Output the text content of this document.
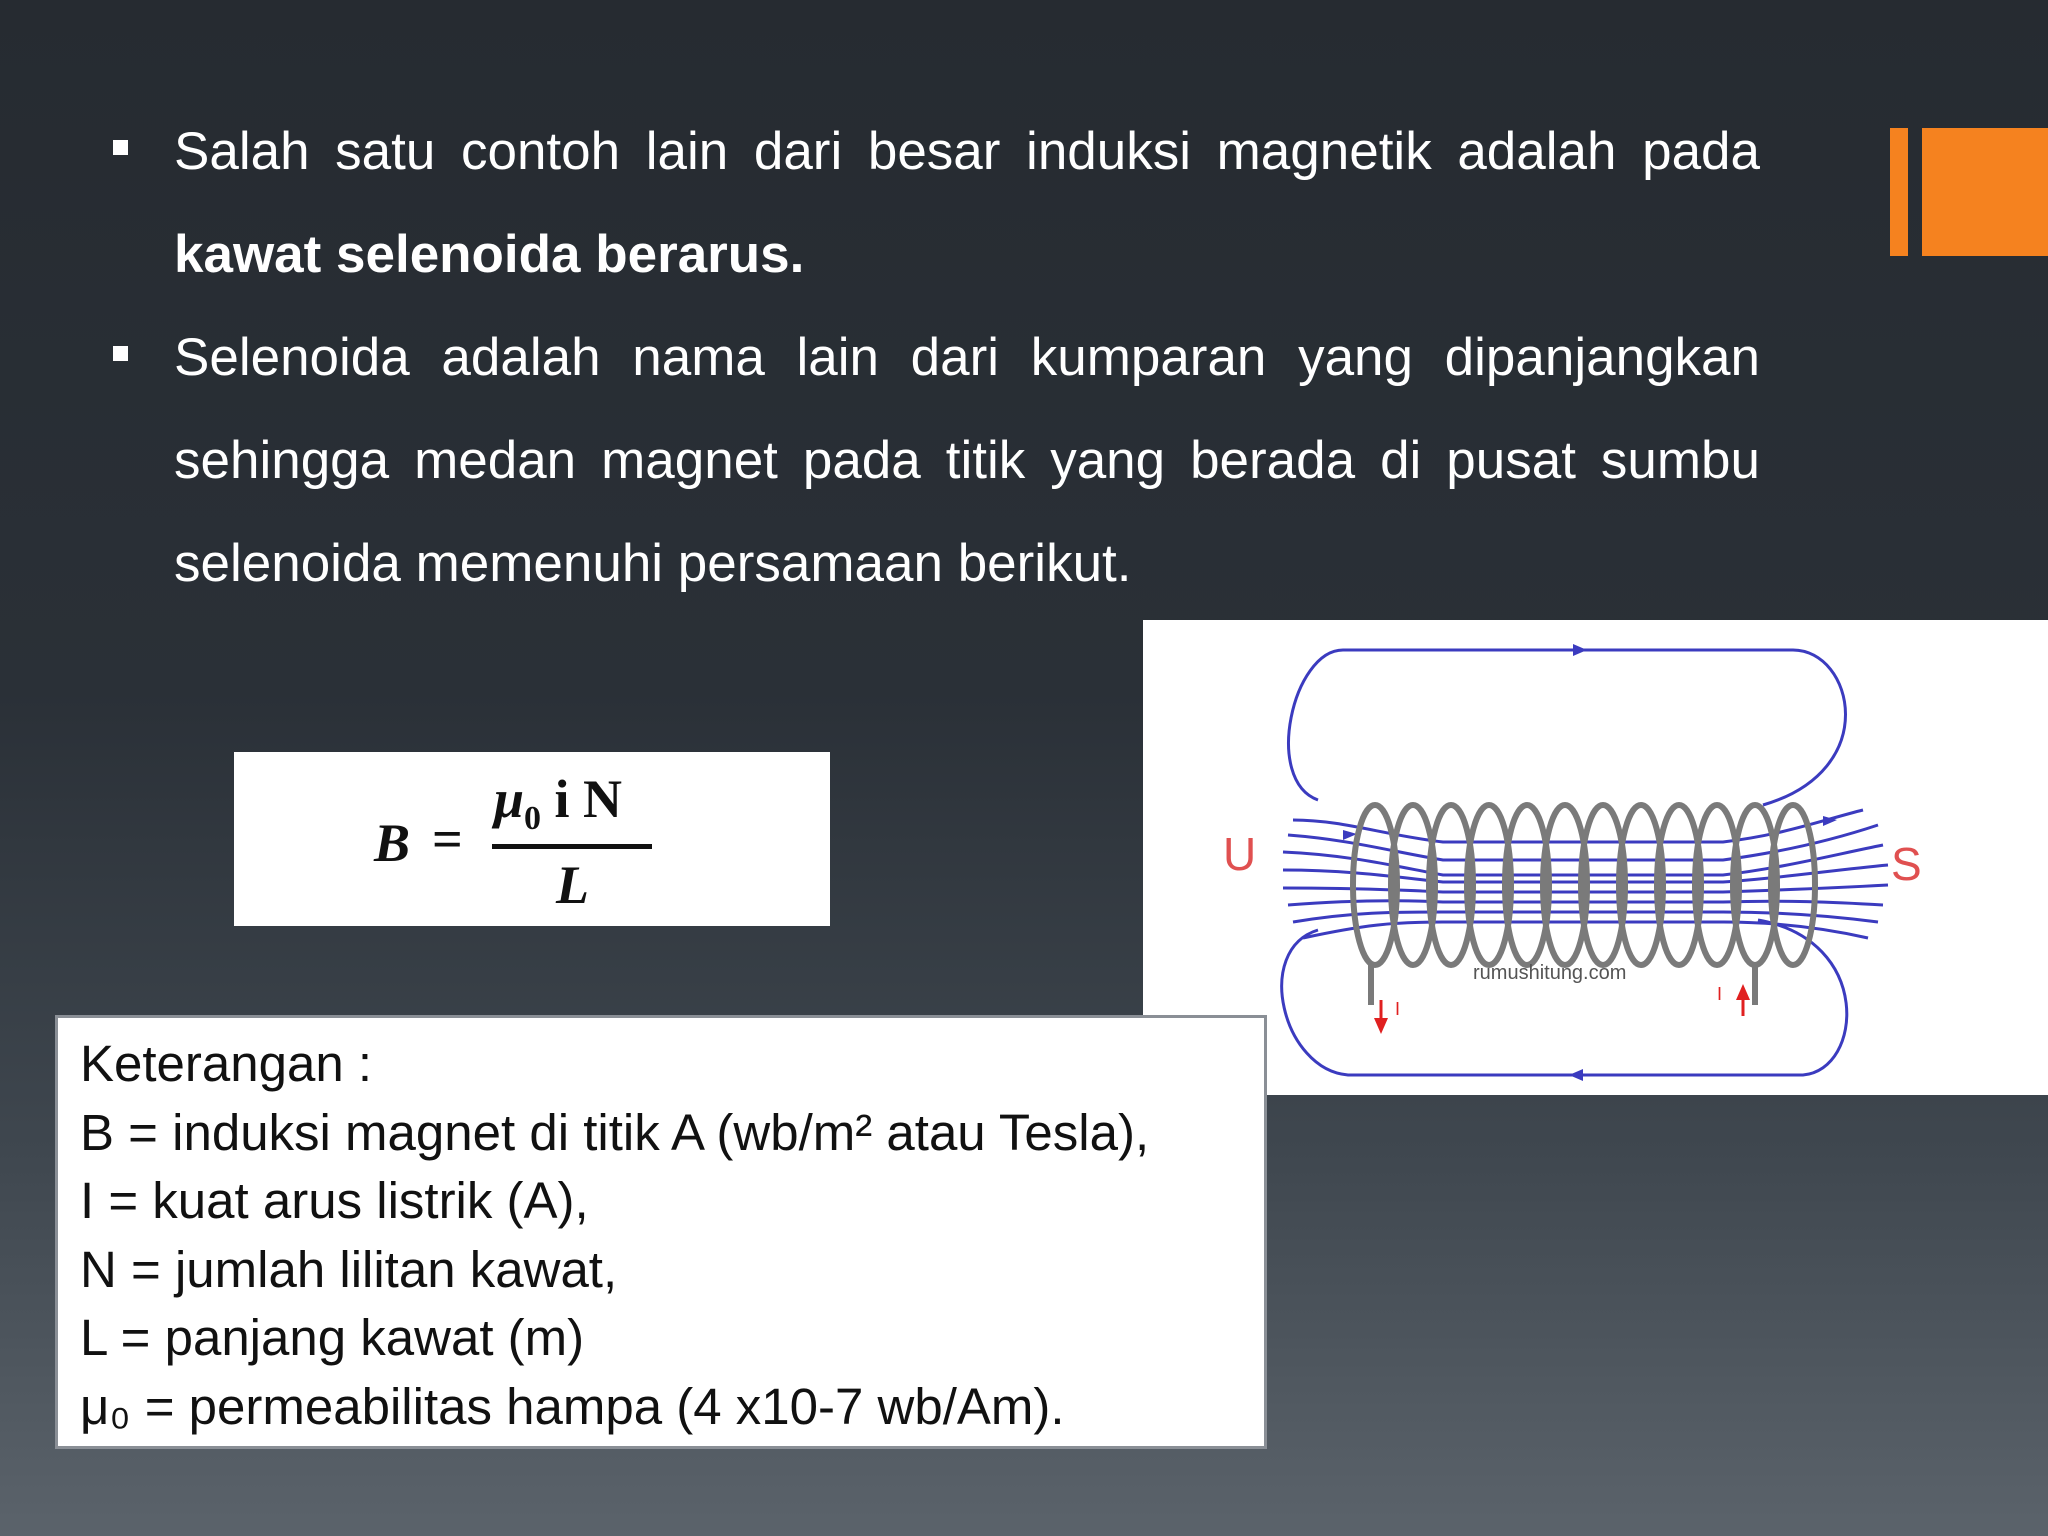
Salah satu contoh lain dari besar induksi magnetik adalah pada kawat selenoida berarus.
Selenoida adalah nama lain dari kumparan yang dipanjangkan sehingga medan magnet pada titik yang berada di pusat sumbu selenoida memenuhi persamaan berikut.
B =
$\mu_0$ i N
L
I
I
U	S
rumushitung.com
Keterangan :
B = induksi magnet di titik A (wb/m² atau Tesla),
I = kuat arus listrik (A),
N = jumlah lilitan kawat,
L = panjang kawat (m)
μ₀ = permeabilitas hampa (4 x10-7 wb/Am).
